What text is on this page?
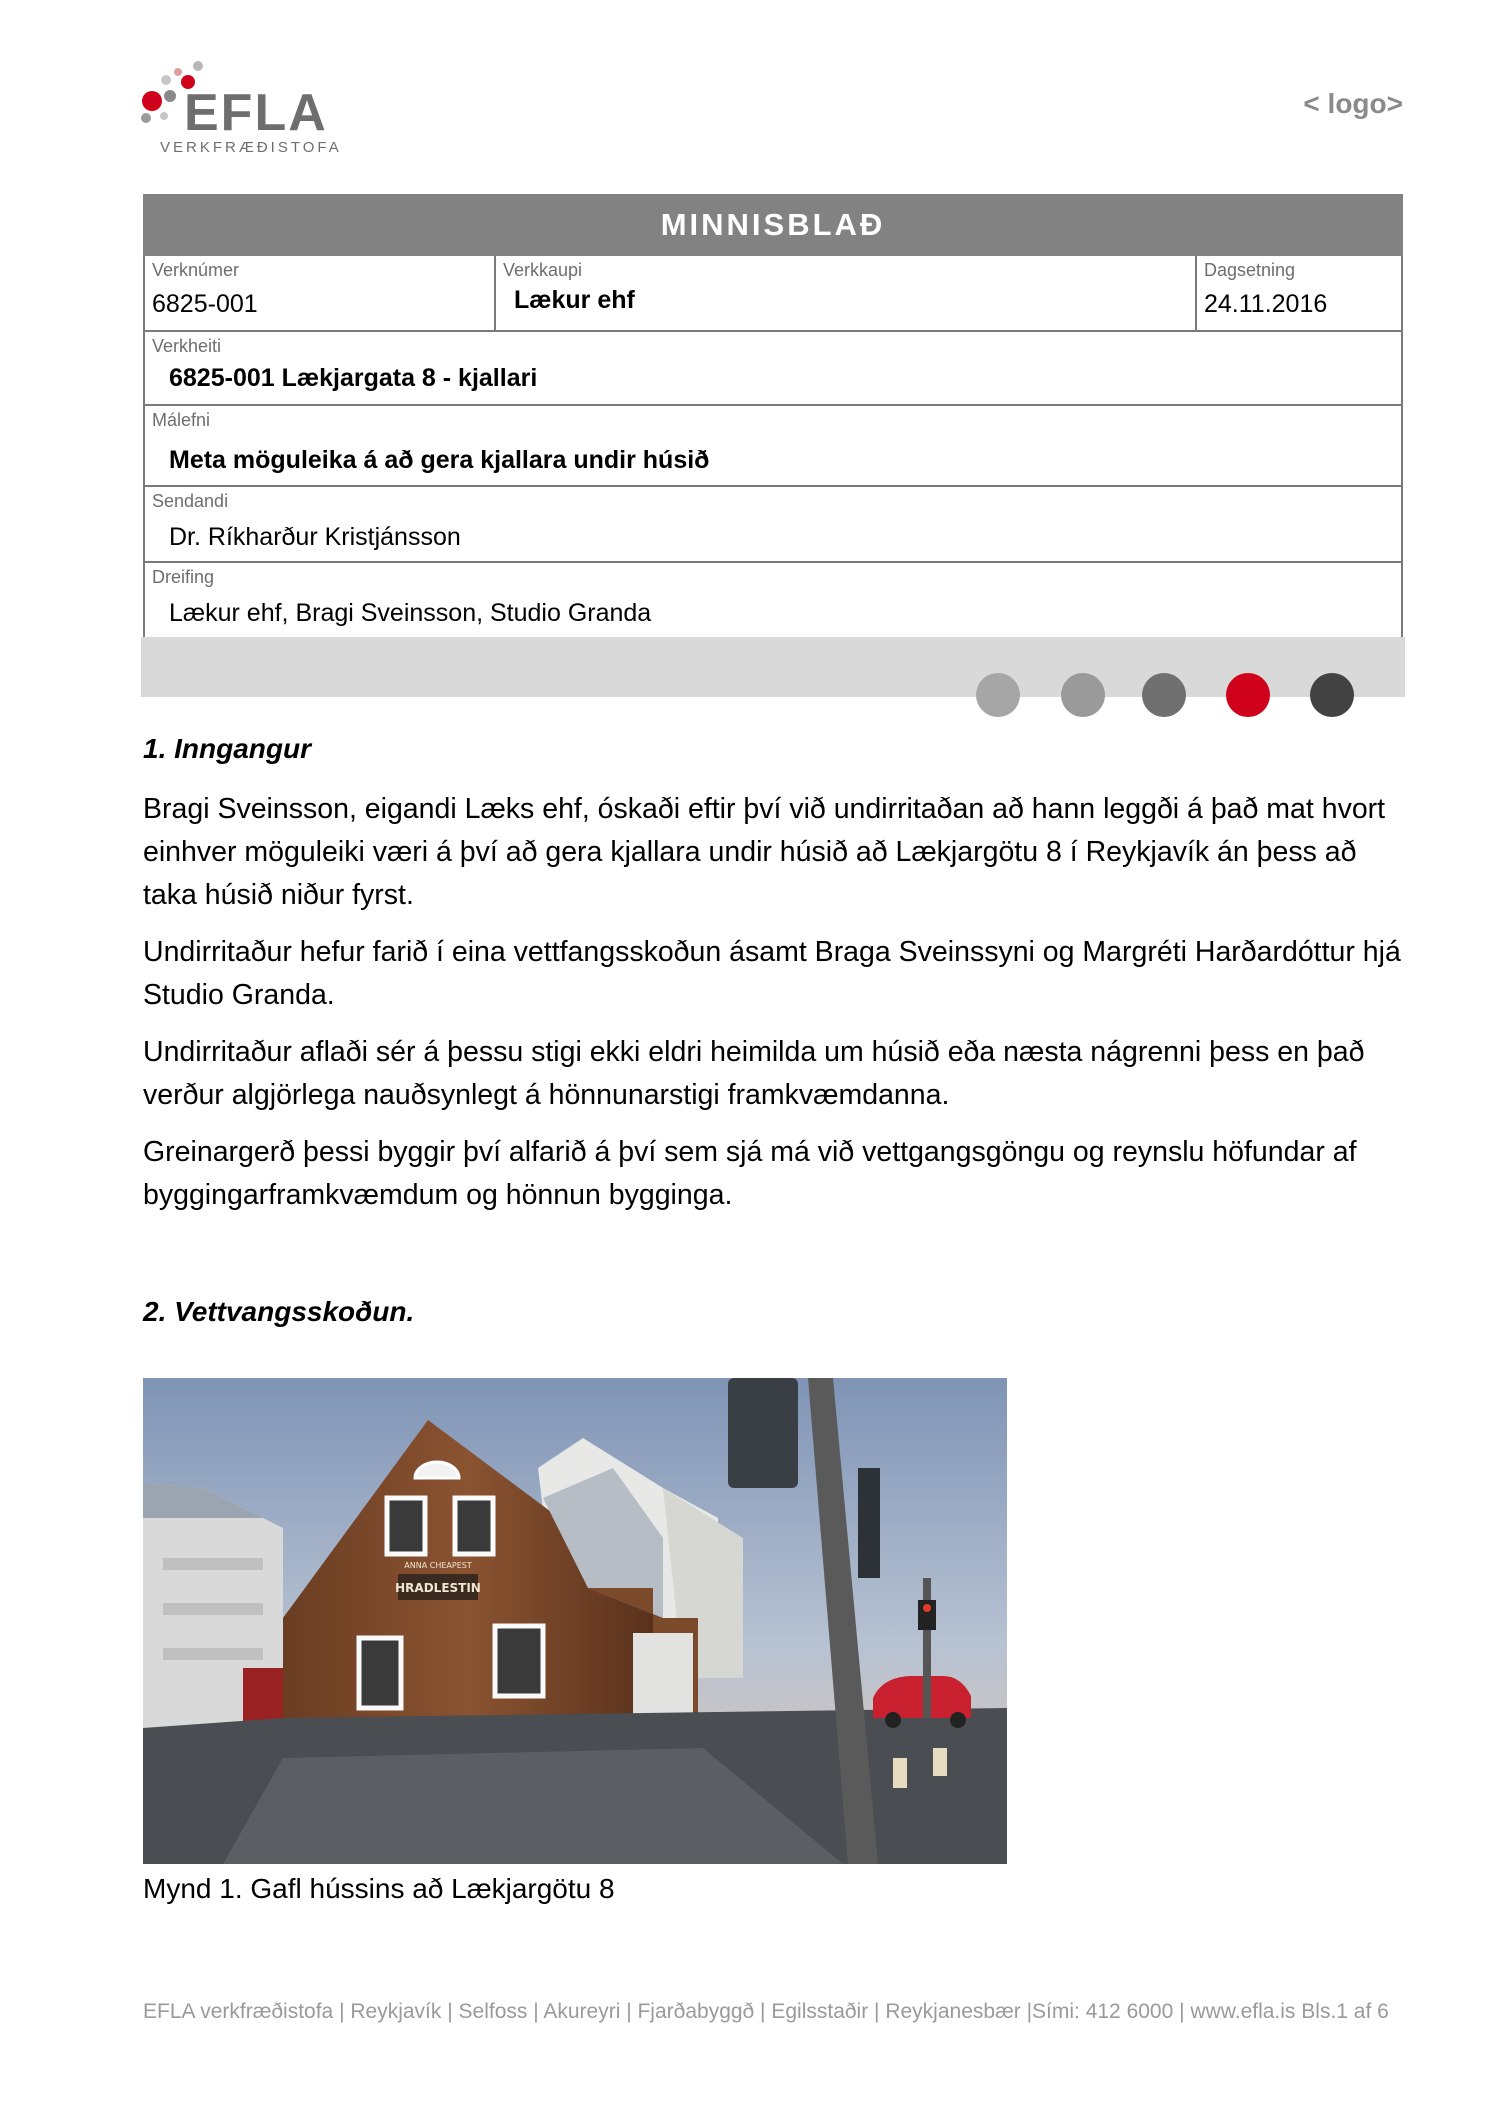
EFLA
VERKFRÆÐISTOFA
< logo>
MINNISBLAÐ
Verknúmer
6825-001
Verkkaupi
Lækur ehf
Dagsetning
24.11.2016
Verkheiti
6825-001 Lækjargata 8 - kjallari
Málefni
Meta möguleika á að gera kjallara undir húsið
Sendandi
Dr. Ríkharður Kristjánsson
Dreifing
Lækur ehf, Bragi Sveinsson, Studio Granda
1. Inngangur
Bragi Sveinsson, eigandi Læks ehf, óskaði eftir því við undirritaðan að hann leggði á það mat hvort einhver möguleiki væri á því að gera kjallara undir húsið að Lækjargötu 8 í Reykjavík án þess að taka húsið niður fyrst.
Undirritaður hefur farið í eina vettfangsskoðun ásamt Braga Sveinssyni og Margréti Harðardóttur hjá Studio Granda.
Undirritaður aflaði sér á þessu stigi ekki eldri heimilda um húsið eða næsta nágrenni þess en það verður algjörlega nauðsynlegt á hönnunarstigi framkvæmdanna.
Greinargerð þessi byggir því alfarið á því sem sjá má við vettgangsgöngu og reynslu höfundar af byggingarframkvæmdum og hönnun bygginga.
2. Vettvangsskoðun.
ANNA CHEAPEST
HRADLESTIN
Mynd 1. Gafl hússins að Lækjargötu 8
EFLA verkfræðistofa | Reykjavík | Selfoss | Akureyri | Fjarðabyggð | Egilsstaðir | Reykjanesbær |Sími: 412 6000 | www.efla.is Bls.1 af 6
